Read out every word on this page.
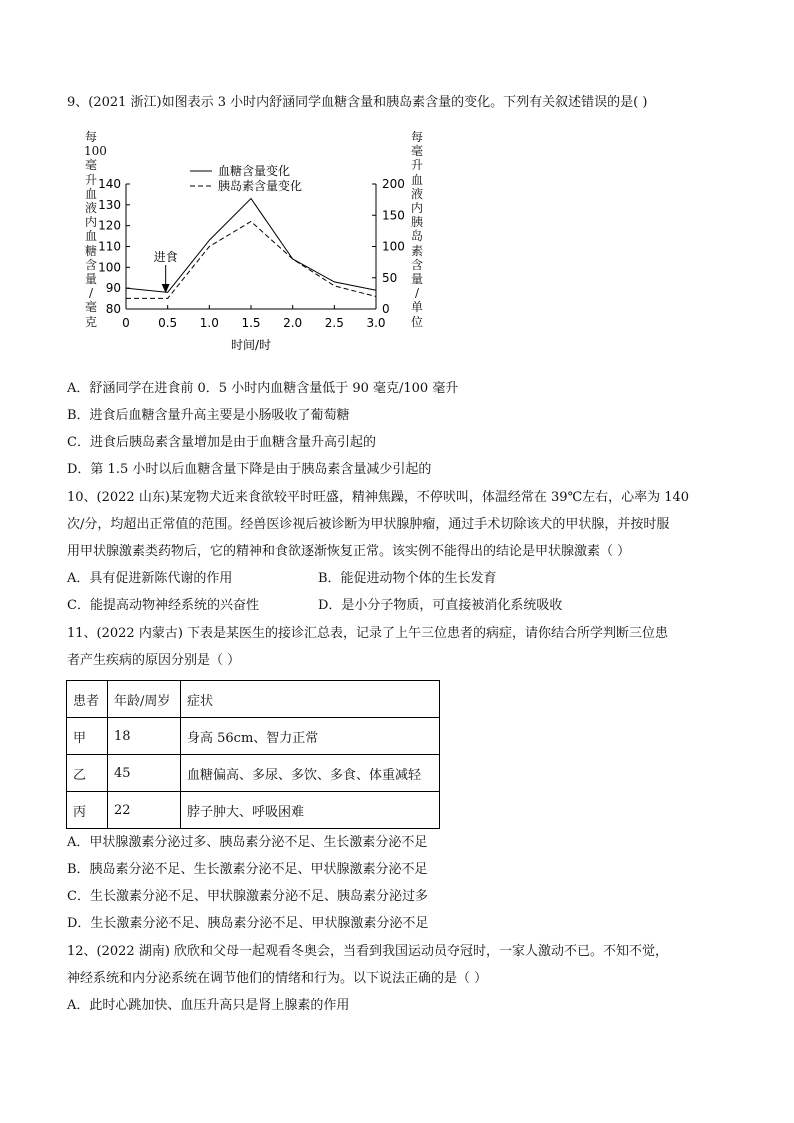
9、(2021 浙江)如图表示 3 小时内舒涵同学血糖含量和胰岛素含量的变化。下列有关叙述错误的是( )
80
90
100
110
120
130
140
0
50
100
150
200
0 0.5 1.0 1.5 2.0 2.5 3.0
时间/时
血糖含量变化
胰岛素含量变化
进食
每
100
毫
升
血
液
内
血
糖
含
量
/
毫
克
每
毫
升
血
液
内
胰
岛
素
含
量
/
单
位
A．舒涵同学在进食前 0．5 小时内血糖含量低于 90 毫克/100 毫升
B．进食后血糖含量升高主要是小肠吸收了葡萄糖
C．进食后胰岛素含量增加是由于血糖含量升高引起的
D．第 1.5 小时以后血糖含量下降是由于胰岛素含量减少引起的
10、(2022 山东)某宠物犬近来食欲较平时旺盛，精神焦躁，不停吠叫，体温经常在 39℃左右，心率为 140
次/分，均超出正常值的范围。经兽医诊视后被诊断为甲状腺肿瘤，通过手术切除该犬的甲状腺，并按时服
用甲状腺激素类药物后，它的精神和食欲逐渐恢复正常。该实例不能得出的结论是甲状腺激素（ ）
A．具有促进新陈代谢的作用	B．能促进动物个体的生长发育
C．能提高动物神经系统的兴奋性	D．是小分子物质，可直接被消化系统吸收
11、(2022 内蒙古) 下表是某医生的接诊汇总表，记录了上午三位患者的病症，请你结合所学判断三位患
者产生疾病的原因分别是（ ）
患者	年龄/周岁	症状
甲	18	身高 56cm、智力正常
乙	45	血糖偏高、多尿、多饮、多食、体重减轻
丙	22	脖子肿大、呼吸困难
A．甲状腺激素分泌过多、胰岛素分泌不足、生长激素分泌不足
B．胰岛素分泌不足、生长激素分泌不足、甲状腺激素分泌不足
C．生长激素分泌不足、甲状腺激素分泌不足、胰岛素分泌过多
D．生长激素分泌不足、胰岛素分泌不足、甲状腺激素分泌不足
12、(2022 湖南) 欣欣和父母一起观看冬奥会，当看到我国运动员夺冠时，一家人激动不已。不知不觉，
神经系统和内分泌系统在调节他们的情绪和行为。以下说法正确的是（ ）
A．此时心跳加快、血压升高只是肾上腺素的作用
